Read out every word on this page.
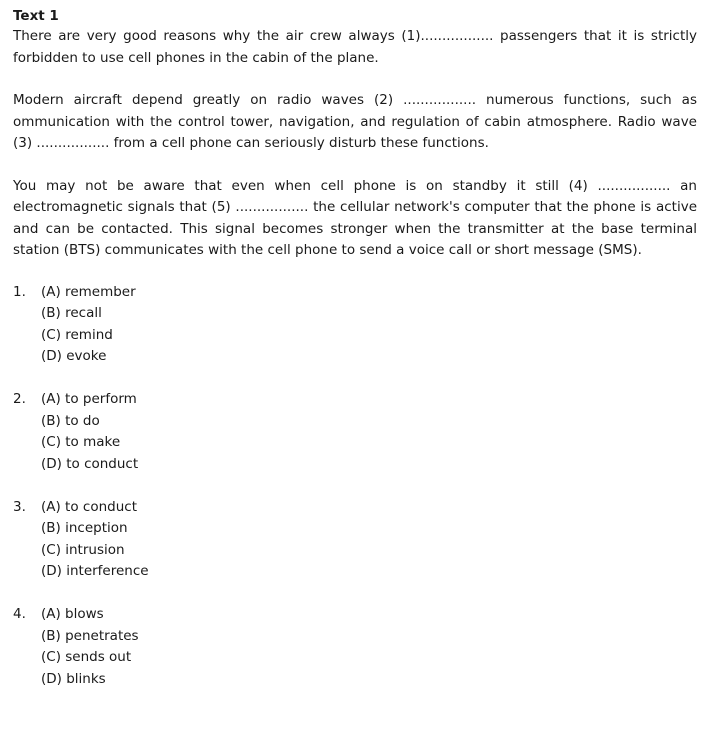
Text 1

There are very good reasons why the air crew always (1)................. passengers that it is strictly forbidden to use cell phones in the cabin of the plane.

Modern aircraft depend greatly on radio waves (2) ................. numerous functions, such as ommunication with the control tower, navigation, and regulation of cabin atmosphere. Radio wave (3) ................. from a cell phone can seriously disturb these functions.

You may not be aware that even when cell phone is on standby it still (4) ................. an electromagnetic signals that (5) ................. the cellular network's computer that the phone is active and can be contacted. This signal becomes stronger when the transmitter at the base terminal station (BTS) communicates with the cell phone to send a voice call or short message (SMS).

1.	(A) remember
(B) recall
(C) remind
(D) evoke
2.	(A) to perform
(B) to do
(C) to make
(D) to conduct
3.	(A) to conduct
(B) inception
(C) intrusion
(D) interference
4.	(A) blows
(B) penetrates
(C) sends out
(D) blinks
